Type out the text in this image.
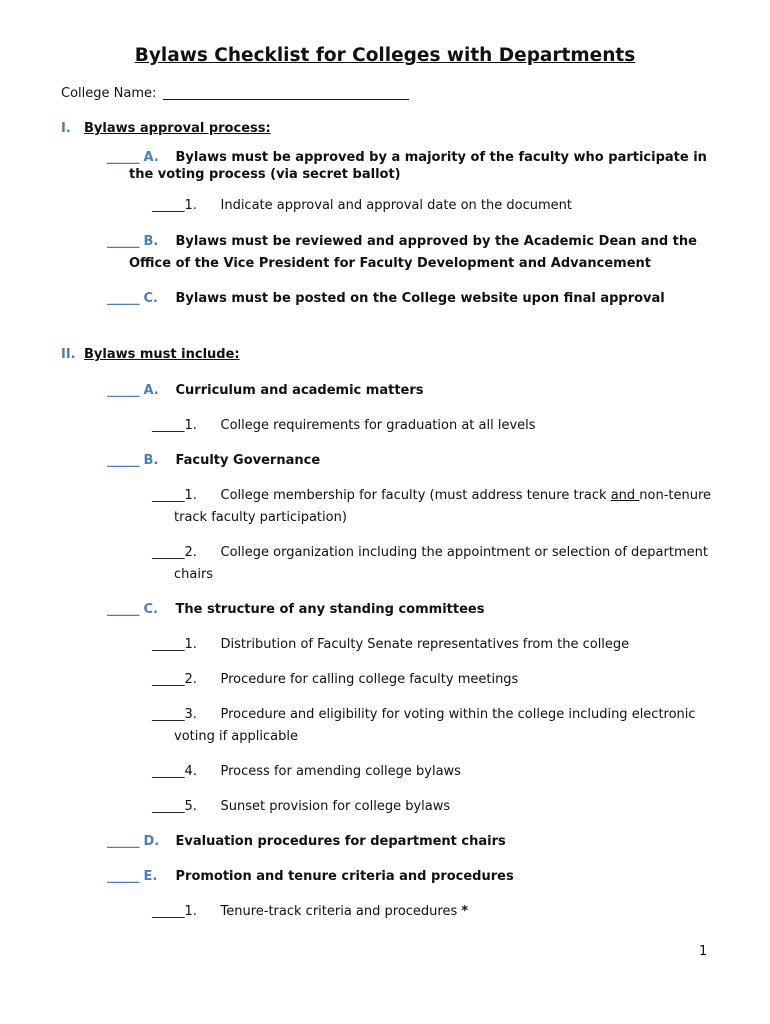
Bylaws Checklist for Colleges with Departments
College Name:
I. Bylaws approval process:
_____ A. Bylaws must be approved by a majority of the faculty who participate in
the voting process (via secret ballot)
_____1. Indicate approval and approval date on the document
_____ B. Bylaws must be reviewed and approved by the Academic Dean and the
Office of the Vice President for Faculty Development and Advancement
_____ C. Bylaws must be posted on the College website upon final approval
II. Bylaws must include:
_____ A. Curriculum and academic matters
_____1. College requirements for graduation at all levels
_____ B. Faculty Governance
_____1. College membership for faculty (must address tenure track and non-tenure
track faculty participation)
_____2. College organization including the appointment or selection of department
chairs
_____ C. The structure of any standing committees
_____1. Distribution of Faculty Senate representatives from the college
_____2. Procedure for calling college faculty meetings
_____3. Procedure and eligibility for voting within the college including electronic
voting if applicable
_____4. Process for amending college bylaws
_____5. Sunset provision for college bylaws
_____ D. Evaluation procedures for department chairs
_____ E. Promotion and tenure criteria and procedures
_____1. Tenure-track criteria and procedures *
1
